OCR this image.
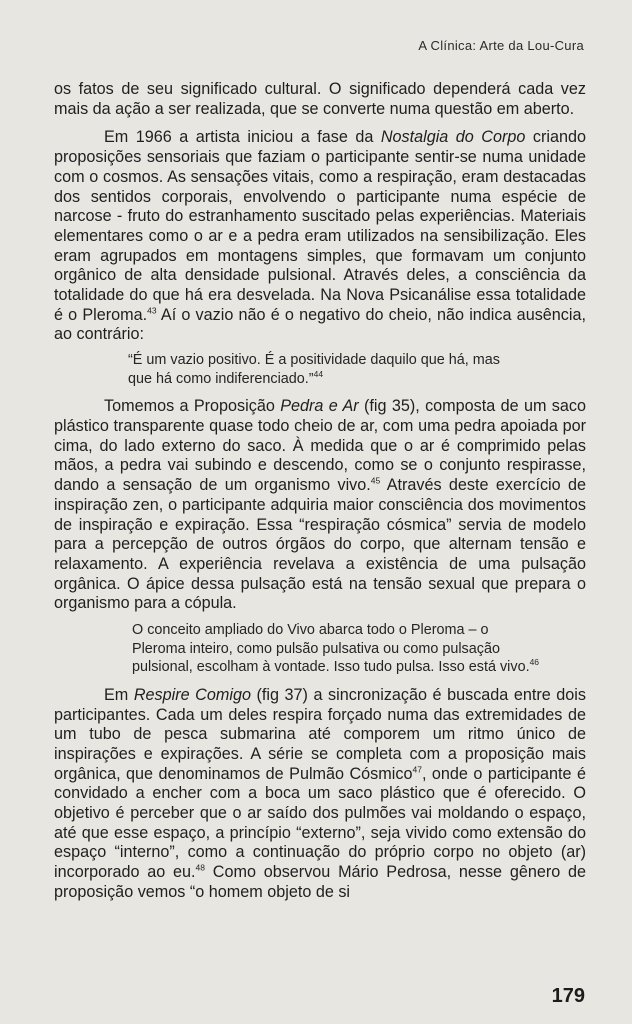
A Clínica: Arte da Lou-Cura

os fatos de seu significado cultural. O significado dependerá cada vez mais da ação a ser realizada, que se converte numa questão em aberto.

Em 1966 a artista iniciou a fase da Nostalgia do Corpo criando proposições sensoriais que faziam o participante sentir-se numa unidade com o cosmos. As sensações vitais, como a respiração, eram destacadas dos sentidos corporais, envolvendo o participante numa espécie de narcose - fruto do estranhamento suscitado pelas experiências. Materiais elementares como o ar e a pedra eram utilizados na sensibilização. Eles eram agrupados em montagens simples, que formavam um conjunto orgânico de alta densidade pulsional. Através deles, a consciência da totalidade do que há era desvelada. Na Nova Psicanálise essa totalidade é o Pleroma.$^{43}$ Aí o vazio não é o negativo do cheio, não indica ausência, ao contrário:

“É um vazio positivo. É a positividade daquilo que há, mas que há como indiferenciado.”$^{44}$

Tomemos a Proposição Pedra e Ar (fig 35), composta de um saco plástico transparente quase todo cheio de ar, com uma pedra apoiada por cima, do lado externo do saco. À medida que o ar é comprimido pelas mãos, a pedra vai subindo e descendo, como se o conjunto respirasse, dando a sensação de um organismo vivo.$^{45}$ Através deste exercício de inspiração zen, o participante adquiria maior consciência dos movimentos de inspiração e expiração. Essa “respiração cósmica” servia de modelo para a percepção de outros órgãos do corpo, que alternam tensão e relaxamento. A experiência revelava a existência de uma pulsação orgânica. O ápice dessa pulsação está na tensão sexual que prepara o organismo para a cópula.

O conceito ampliado do Vivo abarca todo o Pleroma – o Pleroma inteiro, como pulsão pulsativa ou como pulsação pulsional, escolham à vontade. Isso tudo pulsa. Isso está vivo.$^{46}$

Em Respire Comigo (fig 37) a sincronização é buscada entre dois participantes. Cada um deles respira forçado numa das extremidades de um tubo de pesca submarina até comporem um ritmo único de inspirações e expirações. A série se completa com a proposição mais orgânica, que denominamos de Pulmão Cósmico$^{47}$, onde o participante é convidado a encher com a boca um saco plástico que é oferecido. O objetivo é perceber que o ar saído dos pulmões vai moldando o espaço, até que esse espaço, a princípio “externo”, seja vivido como extensão do espaço “interno”, como a continuação do próprio corpo no objeto (ar) incorporado ao eu.$^{48}$ Como observou Mário Pedrosa, nesse gênero de proposição vemos “o homem objeto de si

179
